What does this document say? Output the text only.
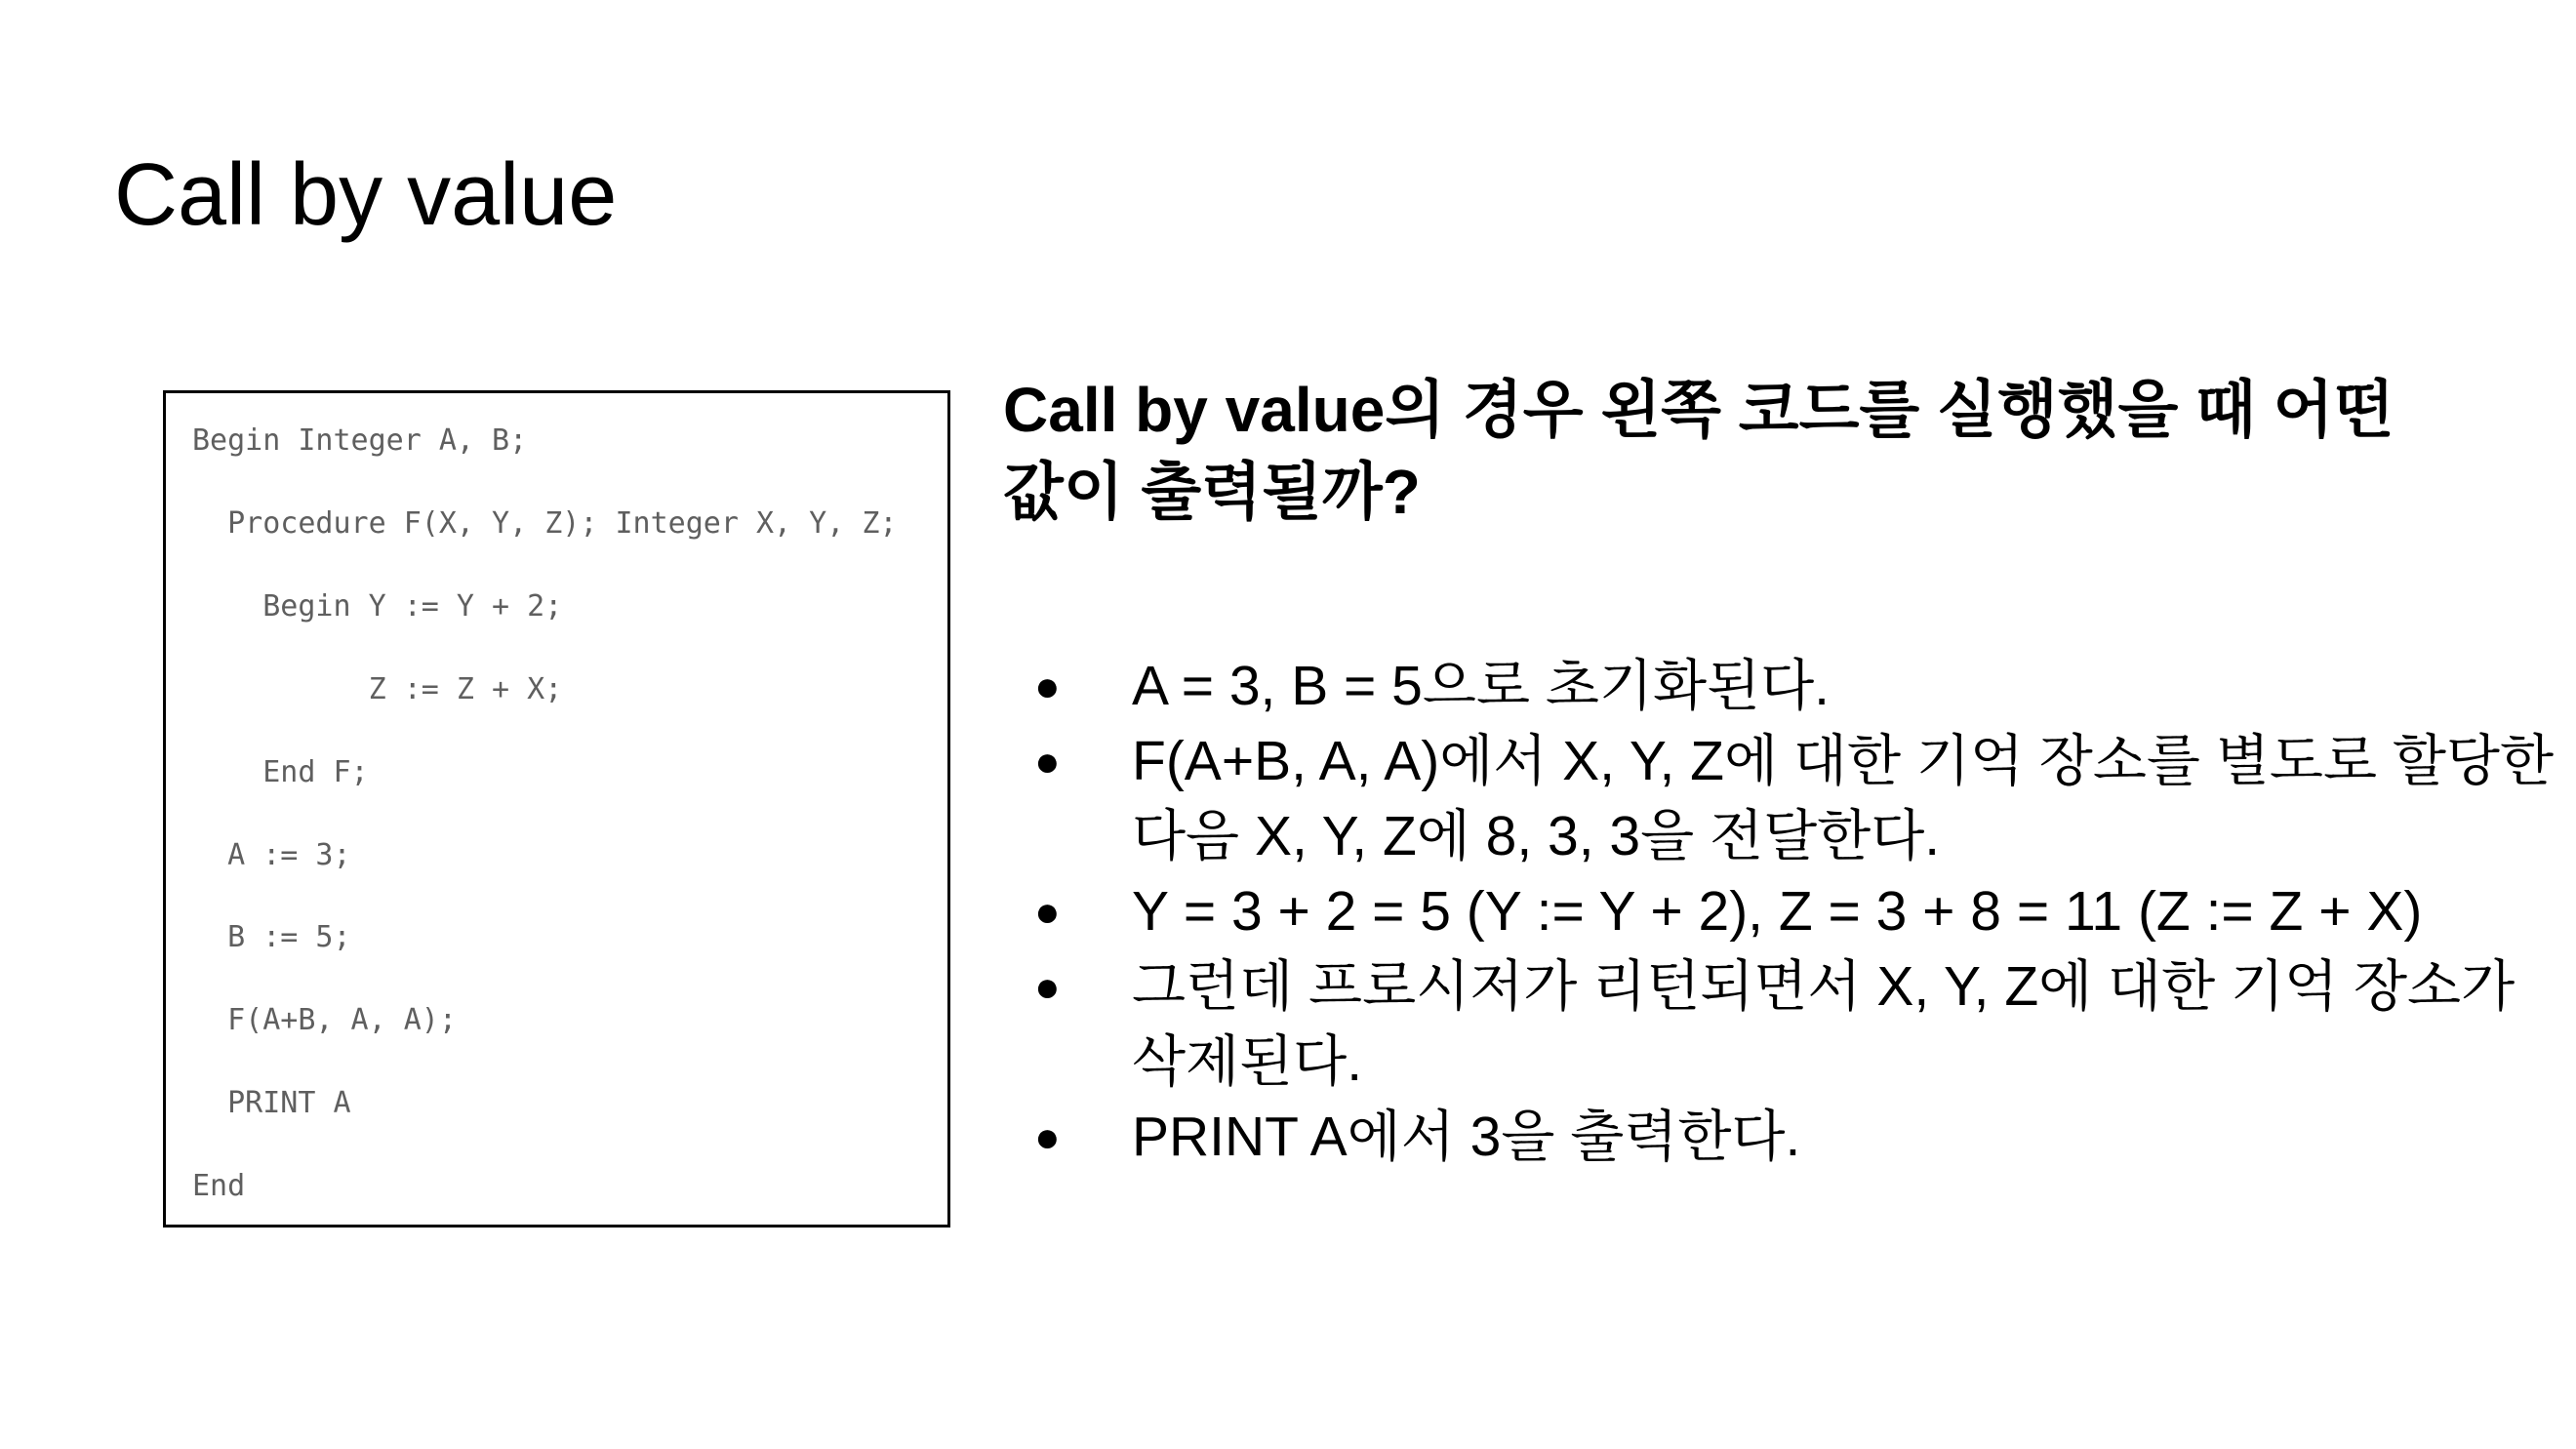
Call by value
Begin Integer A, B;
Procedure F(X, Y, Z); Integer X, Y, Z;
Begin Y := Y + 2;
Z := Z + X;
End F;
A := 3;
B := 5;
F(A+B, A, A);
PRINT A
End

Call by value의 경우 왼쪽 코드를 실행했을 때 어떤 값이 출력될까?

● A = 3, B = 5으로 초기화된다.
● F(A+B, A, A)에서 X, Y, Z에 대한 기억 장소를 별도로 할당한 다음 X, Y, Z에 8, 3, 3을 전달한다.
● Y = 3 + 2 = 5 (Y := Y + 2), Z = 3 + 8 = 11 (Z := Z + X)
● 그런데 프로시저가 리턴되면서 X, Y, Z에 대한 기억 장소가 삭제된다.
● PRINT A에서 3을 출력한다.
